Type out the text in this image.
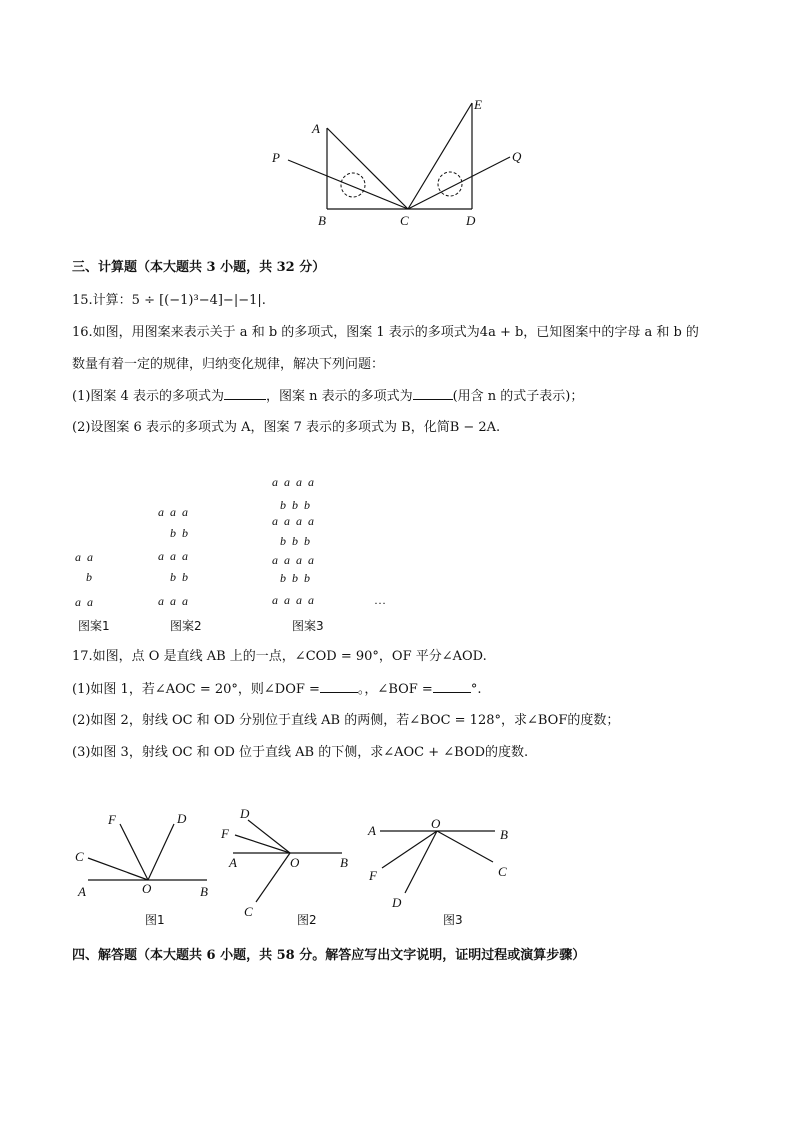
A
P
B	C	D
E
Q
三、计算题（本大题共 3 小题，共 32 分）
15.计算：5 ÷ [(−1)³−4]−|−1|.
16.如图，用图案来表示关于 a 和 b 的多项式，图案 1 表示的多项式为4a + b，已知图案中的字母 a 和 b 的
数量有着一定的规律，归纳变化规律，解决下列问题：
(1)图案 4 表示的多项式为	，图案 n 表示的多项式为	(用含 n 的式子表示)；
(2)设图案 6 表示的多项式为 A，图案 7 表示的多项式为 B，化简B − 2A.
a  a
b
a  a
图案1
a  a  a
b  b
a  a  a
b  b
a  a  a
图案2
a  a  a  a
b  b  b
a  a  a  a
b  b  b
a  a  a  a
b  b  b
a  a  a  a
图案3
…
17.如图，点 O 是直线 AB 上的一点，∠COD = 90°，OF 平分∠AOD.
(1)如图 1，若∠AOC = 20°，则∠DOF =	。，∠BOF =	°.
(2)如图 2，射线 OC 和 OD 分别位于直线 AB 的两侧，若∠BOC = 128°，求∠BOF的度数；
(3)如图 3，射线 OC 和 OD 位于直线 AB 的下侧，求∠AOC + ∠BOD的度数.
F	D
C
A	O	B
图1
D
F
A	O	B
C
图2
A	O
B
F	C
D
图3
四、解答题（本大题共 6 小题，共 58 分。解答应写出文字说明，证明过程或演算步骤）
